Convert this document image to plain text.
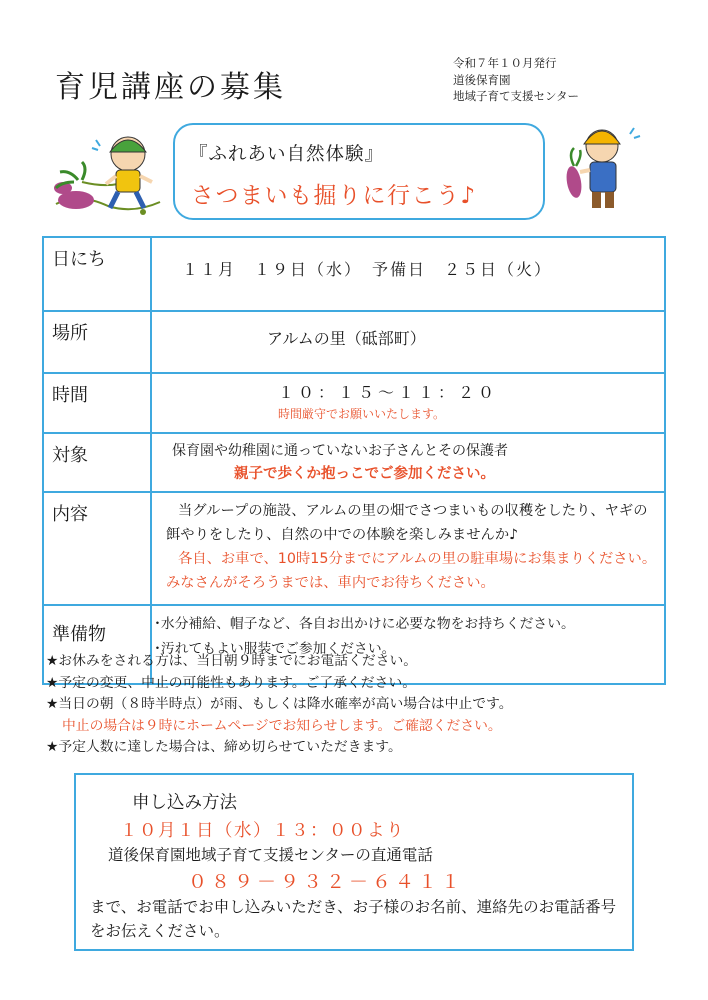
育児講座の募集
令和７年１０月発行
道後保育園
地域子育て支援センター
『ふれあい自然体験』
さつまいも掘りに行こう♪
日にち	１１月　１９日（水）　予備日　２５日（火）
場所	アルムの里（砥部町）
時間	１０：１５～１１：２０
時間厳守でお願いいたします。

対象	保育園や幼稚園に通っていないお子さんとその保護者
親子で歩くか抱っこでご参加ください。

内容	当グループの施設、アルムの里の畑でさつまいもの収穫をしたり、ヤギの餌やりをしたり、自然の中での体験を楽しみませんか♪
各自、お車で、10時15分までにアルムの里の駐車場にお集まりください。みなさんがそろうまでは、車内でお待ちください。

準備物	･水分補給、帽子など、各自お出かけに必要な物をお持ちください。
･汚れてもよい服装でご参加ください。
★お休みをされる方は、当日朝９時までにお電話ください。
★予定の変更、中止の可能性もあります。ご了承ください。
★当日の朝（８時半時点）が雨、もしくは降水確率が高い場合は中止です。
中止の場合は９時にホームページでお知らせします。ご確認ください。
★予定人数に達した場合は、締め切らせていただきます。
申し込み方法
１０月１日（水）１３：００より
道後保育園地域子育て支援センターの直通電話
０８９－９３２－６４１１
まで、お電話でお申し込みいただき、お子様のお名前、連絡先のお電話番号をお伝えください。
